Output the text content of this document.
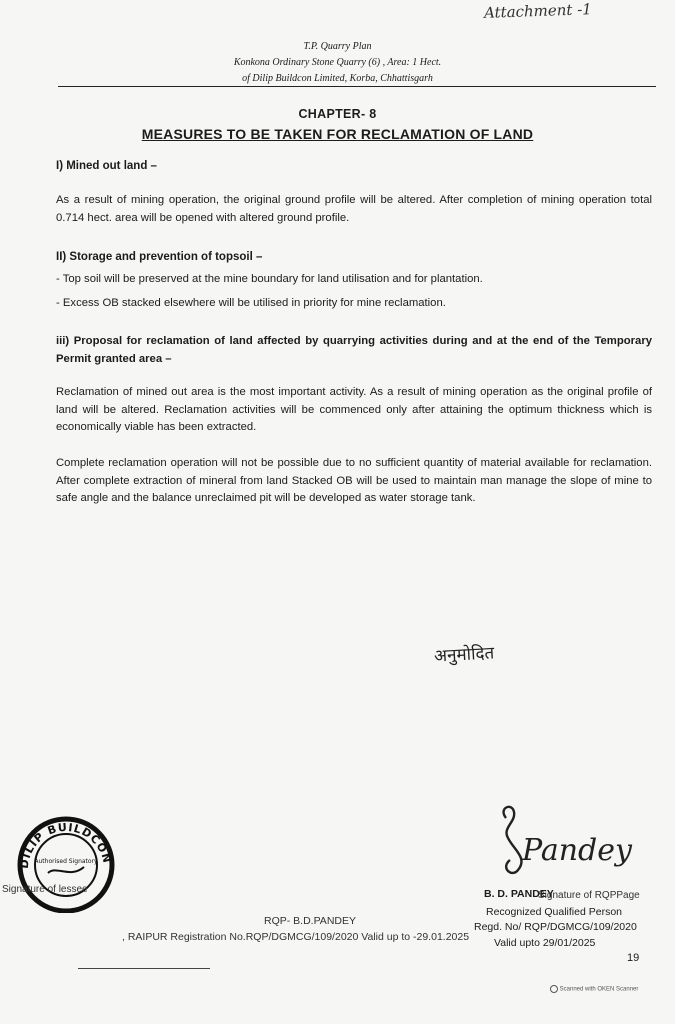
Attachment -1
T.P. Quarry Plan
Konkona Ordinary Stone Quarry (6) , Area: 1 Hect.
of Dilip Buildcon Limited, Korba, Chhattisgarh
CHAPTER- 8
MEASURES TO BE TAKEN FOR RECLAMATION OF LAND
I) Mined out land –
As a result of mining operation, the original ground profile will be altered. After completion of mining operation total 0.714 hect. area will be opened with altered ground profile.
II) Storage and prevention of topsoil –
- Top soil will be preserved at the mine boundary for land utilisation and for plantation.
- Excess OB stacked elsewhere will be utilised in priority for mine reclamation.
iii) Proposal for reclamation of land affected by quarrying activities during and at the end of the Temporary Permit granted area –
Reclamation of mined out area is the most important activity. As a result of mining operation as the original profile of land will be altered. Reclamation activities will be commenced only after attaining the optimum thickness which is economically viable has been extracted.
Complete reclamation operation will not be possible due to no sufficient quantity of material available for reclamation. After complete extraction of mineral from land Stacked OB will be used to maintain man manage the slope of mine to safe angle and the balance unreclaimed pit will be developed as water storage tank.
अनुमोदित
DILIP BUILDCON
Authorised Signatory
Signature of lessee
Pandey
B. D. PANDEY
Signature of RQPPage
Recognized Qualified Person
Regd. No/ RQP/DGMCG/109/2020
Valid upto 29/01/2025
RQP- B.D.PANDEY
, RAIPUR Registration No.RQP/DGMCG/109/2020 Valid up to -29.01.2025
19
Scanned with OKEN Scanner
